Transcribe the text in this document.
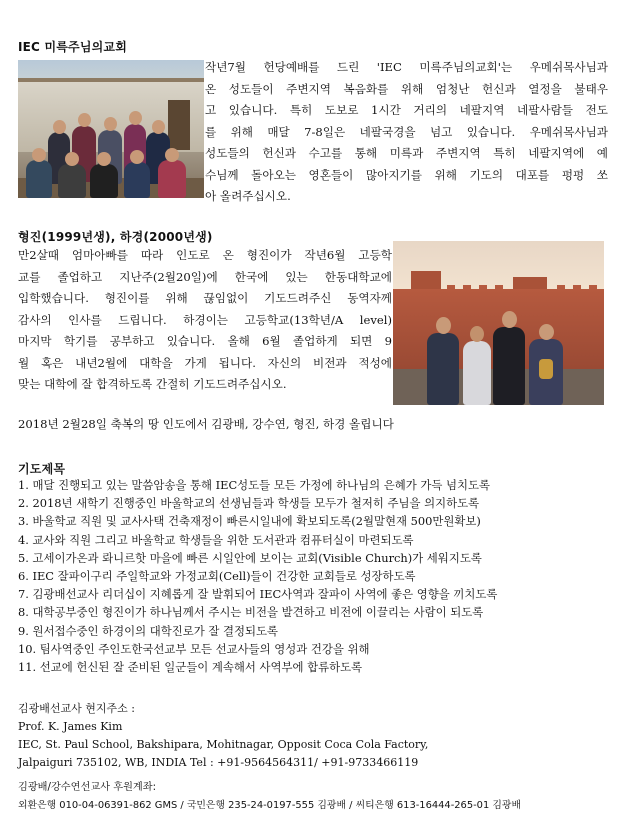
IEC 미륵주님의교회
작년7월 헌당예배를 드린 'IEC 미륵주님의교회'는 우메쉬목사님과
온 성도들이 주변지역 복음화를 위해 엄청난 헌신과 열정을 불태우
고 있습니다. 특히 도보로 1시간 거리의 네팔지역 네팔사람들 전도
를 위해 매달 7-8일은 네팔국경을 넘고 있습니다. 우메쉬목사님과
성도들의 헌신과 수고를 통해 미륵과 주변지역 특히 네팔지역에 예
수님께 돌아오는 영혼들이 많아지기를 위해 기도의 대포를 펑펑 쏘
아 올려주십시오.
형진(1999년생), 하경(2000년생)
만2살때 엄마아빠를 따라 인도로 온 형진이가 작년6월 고등학
교를 졸업하고 지난주(2월20일)에 한국에 있는 한동대학교에
입학했습니다. 형진이를 위해 끊임없이 기도드려주신 동역자께
감사의 인사를 드립니다. 하경이는 고등학교(13학년/A level)
마지막 학기를 공부하고 있습니다. 올해 6월 졸업하게 되면 9
월 혹은 내년2월에 대학을 가게 됩니다. 자신의 비전과 적성에
맞는 대학에 잘 합격하도록 간절히 기도드려주십시오.
2018년 2월28일 축복의 땅 인도에서 김광배, 강수연, 형진, 하경 올립니다
기도제목
1. 매달 진행되고 있는 말씀암송을 통해 IEC성도들 모든 가정에 하나님의 은혜가 가득 넘치도록
2. 2018년 새학기 진행중인 바울학교의 선생님들과 학생들 모두가 철저히 주님을 의지하도록
3. 바울학교 직원 및 교사사택 건축재정이 빠른시일내에 확보되도록(2월말현재 500만원확보)
4. 교사와 직원 그리고 바울학교 학생들을 위한 도서관과 컴퓨터실이 마련되도록
5. 고세이가온과 롸니르핫 마을에 빠른 시일안에 보이는 교회(Visible Church)가 세워지도록
6. IEC 잘파이구리 주일학교와 가정교회(Cell)들이 건강한 교회들로 성장하도록
7. 김광배선교사 리더십이 지혜롭게 잘 발휘되어 IEC사역과 잘파이 사역에 좋은 영향을 끼치도록
8. 대학공부중인 형진이가 하나님께서 주시는 비전을 발견하고 비전에 이끌리는 사람이 되도록
9. 원서접수중인 하경이의 대학진로가 잘 결정되도록
10. 팀사역중인 주인도한국선교부 모든 선교사들의 영성과 건강을 위해
11. 선교에 헌신된 잘 준비된 일군들이 계속해서 사역부에 합류하도록
김광배선교사 현지주소 :
Prof. K. James Kim
IEC, St. Paul School, Bakshipara, Mohitnagar, Opposit Coca Cola Factory,
Jalpaiguri 735102, WB, INDIA Tel : +91-9564564311/ +91-9733466119
김광배/강수연선교사 후원계좌:
외환은행 010-04-06391-862 GMS / 국민은행 235-24-0197-555 김광배 / 씨티은행 613-16444-265-01 김광배
